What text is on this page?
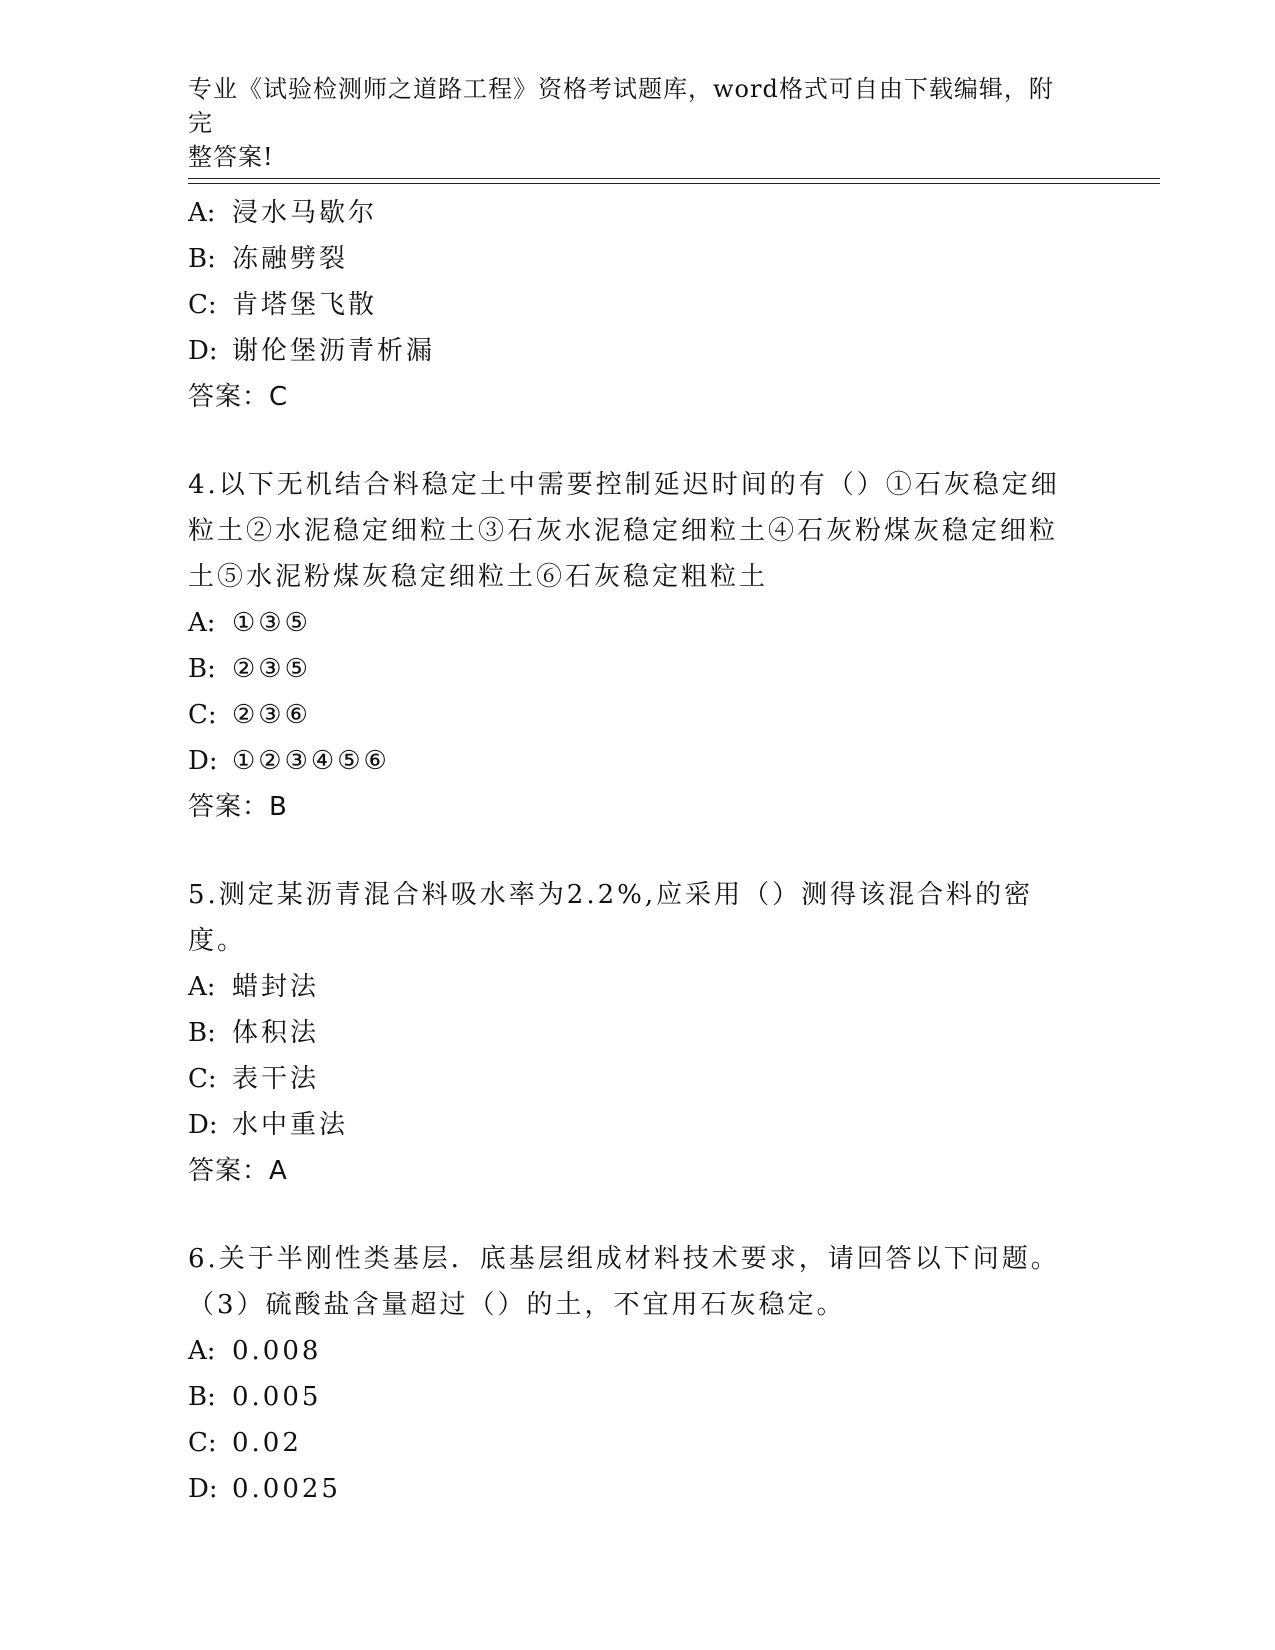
专业《试验检测师之道路工程》资格考试题库，word格式可自由下载编辑，附完
整答案!
A: 浸水马歇尔
B: 冻融劈裂
C: 肯塔堡飞散
D: 谢伦堡沥青析漏
答案：C
4.以下无机结合料稳定土中需要控制延迟时间的有（）①石灰稳定细
粒土②水泥稳定细粒土③石灰水泥稳定细粒土④石灰粉煤灰稳定细粒
土⑤水泥粉煤灰稳定细粒土⑥石灰稳定粗粒土
A: ①③⑤
B: ②③⑤
C: ②③⑥
D: ①②③④⑤⑥
答案：B
5.测定某沥青混合料吸水率为2.2%,应采用（）测得该混合料的密度。
A: 蜡封法
B: 体积法
C: 表干法
D: 水中重法
答案：A
6.关于半刚性类基层．底基层组成材料技术要求，请回答以下问题。
（3）硫酸盐含量超过（）的土，不宜用石灰稳定。
A: 0.008
B: 0.005
C: 0.02
D: 0.0025
